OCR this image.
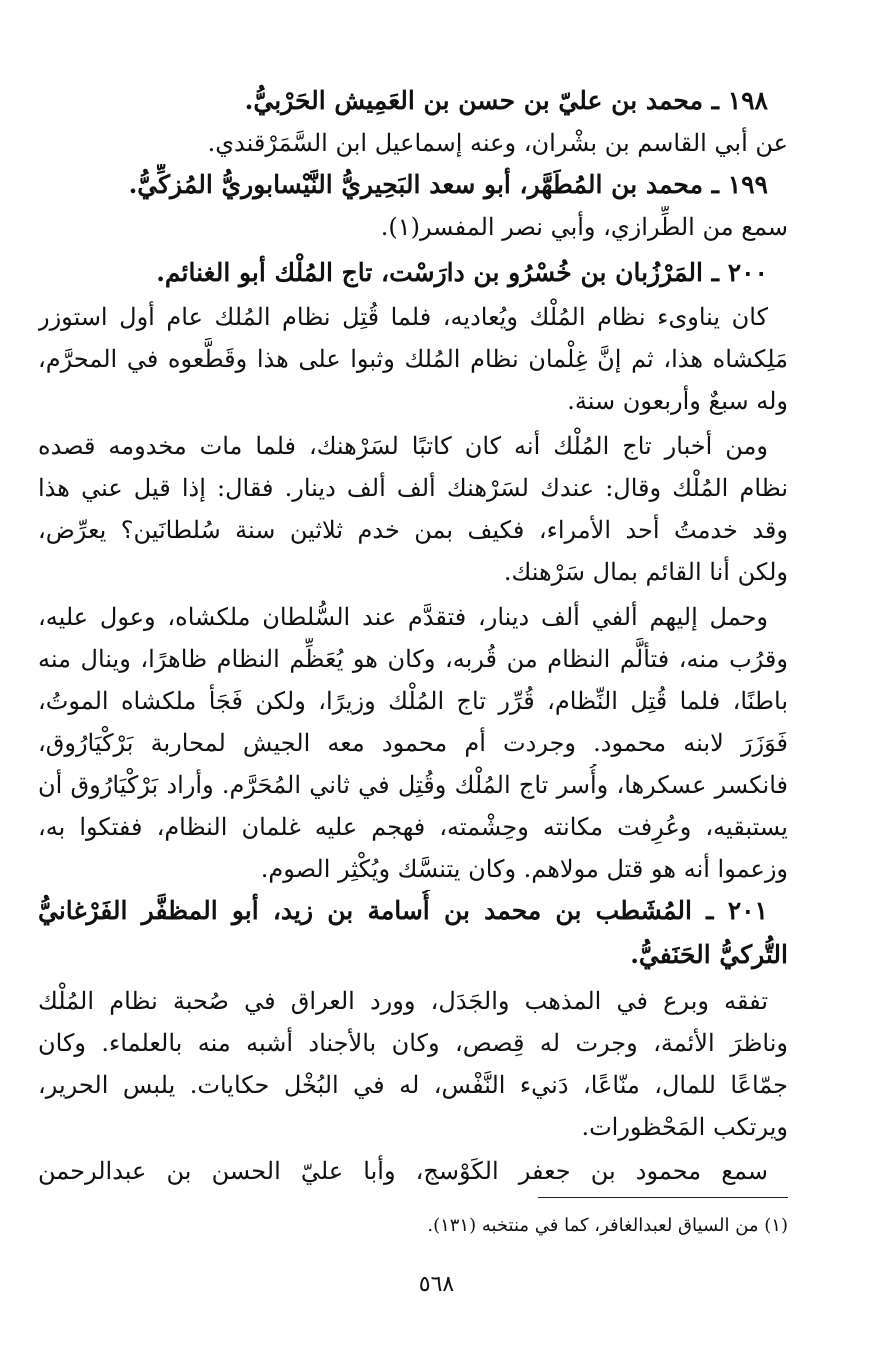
١٩٨ ـ محمد بن عليّ بن حسن بن العَمِيش الحَرْبيُّ.
عن أبي القاسم بن بشْران، وعنه إسماعيل ابن السَّمَرْقندي.
١٩٩ ـ محمد بن المُطَهَّر، أبو سعد البَحِيريُّ النَّيْسابوريُّ المُزكِّيُّ.
سمع من الطِّرازي، وأبي نصر المفسر(١).
٢٠٠ ـ المَرْزُبان بن خُسْرُو بن دارَسْت، تاج المُلْك أبو الغنائم.
كان يناوىء نظام المُلْك ويُعاديه، فلما قُتِل نظام المُلك عام أول استوزر
مَلِكشاه هذا، ثم إنَّ غِلْمان نظام المُلك وثبوا على هذا وقَطَّعوه في المحرَّم،
وله سبعٌ وأربعون سنة.
ومن أخبار تاج المُلْك أنه كان كاتبًا لسَرْهنك، فلما مات مخدومه قصده
نظام المُلْك وقال: عندك لسَرْهنك ألف ألف دينار. فقال: إذا قيل عني هذا
وقد خدمتُ أحد الأمراء، فكيف بمن خدم ثلاثين سنة سُلطانَين؟ يعرِّض،
ولكن أنا القائم بمال سَرْهنك.
وحمل إليهم ألفي ألف دينار، فتقدَّم عند السُّلطان ملكشاه، وعول عليه،
وقرُب منه، فتألَّم النظام من قُربه، وكان هو يُعَظِّم النظام ظاهرًا، وينال منه
باطنًا، فلما قُتِل النِّظام، قُرِّر تاج المُلْك وزيرًا، ولكن فَجَأ ملكشاه الموتُ،
فَوَزَرَ لابنه محمود. وجردت أم محمود معه الجيش لمحاربة بَرْكْيَارُوق،
فانكسر عسكرها، وأُسر تاج المُلْك وقُتِل في ثاني المُحَرَّم. وأراد بَرْكْيَارُوق أن
يستبقيه، وعُرِفت مكانته وحِشْمته، فهجم عليه غلمان النظام، ففتكوا به،
وزعموا أنه هو قتل مولاهم. وكان يتنسَّك ويُكْثِر الصوم.
٢٠١ ـ المُشَطب بن محمد بن أُسامة بن زيد، أبو المظفَّر الفَرْغانيُّ
التُّركيُّ الحَنَفيُّ.
تفقه وبرع في المذهب والجَدَل، وورد العراق في صُحبة نظام المُلْك
وناظرَ الأئمة، وجرت له قِصص، وكان بالأجناد أشبه منه بالعلماء. وكان
جمّاعًا للمال، منّاعًا، دَنيء النَّفْس، له في البُخْل حكايات. يلبس الحرير،
ويرتكب المَحْظورات.
سمع محمود بن جعفر الكَوْسج، وأبا عليّ الحسن بن عبدالرحمن
(١) من السياق لعبدالغافر، كما في منتخبه (١٣١).
٥٦٨
